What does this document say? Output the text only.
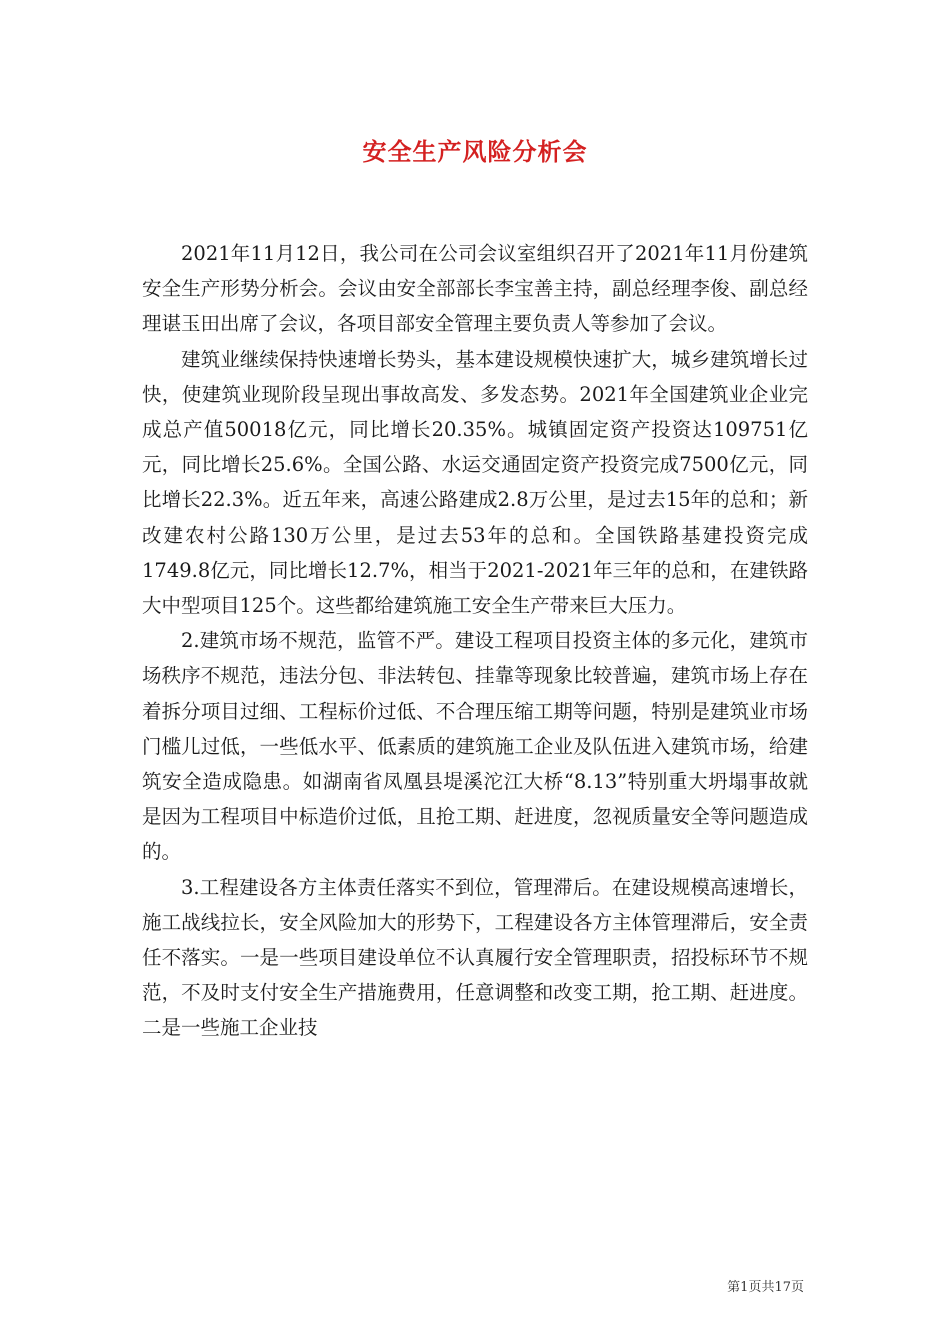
安全生产风险分析会

2021年11月12日，我公司在公司会议室组织召开了2021年11月份建筑安全生产形势分析会。会议由安全部部长李宝善主持，副总经理李俊、副总经理谌玉田出席了会议，各项目部安全管理主要负责人等参加了会议。

建筑业继续保持快速增长势头，基本建设规模快速扩大，城乡建筑增长过快，使建筑业现阶段呈现出事故高发、多发态势。2021年全国建筑业企业完成总产值50018亿元，同比增长20.35%。城镇固定资产投资达109751亿元，同比增长25.6%。全国公路、水运交通固定资产投资完成7500亿元，同比增长22.3%。近五年来，高速公路建成2.8万公里，是过去15年的总和；新改建农村公路130万公里，是过去53年的总和。全国铁路基建投资完成1749.8亿元，同比增长12.7%，相当于2021-2021年三年的总和，在建铁路大中型项目125个。这些都给建筑施工安全生产带来巨大压力。

2.建筑市场不规范，监管不严。建设工程项目投资主体的多元化，建筑市场秩序不规范，违法分包、非法转包、挂靠等现象比较普遍，建筑市场上存在着拆分项目过细、工程标价过低、不合理压缩工期等问题，特别是建筑业市场门槛儿过低，一些低水平、低素质的建筑施工企业及队伍进入建筑市场，给建筑安全造成隐患。如湖南省凤凰县堤溪沱江大桥“8.13”特别重大坍塌事故就是因为工程项目中标造价过低，且抢工期、赶进度，忽视质量安全等问题造成的。

3.工程建设各方主体责任落实不到位，管理滞后。在建设规模高速增长，施工战线拉长，安全风险加大的形势下，工程建设各方主体管理滞后，安全责任不落实。一是一些项目建设单位不认真履行安全管理职责，招投标环节不规范，不及时支付安全生产措施费用，任意调整和改变工期，抢工期、赶进度。二是一些施工企业技

第1页共17页
